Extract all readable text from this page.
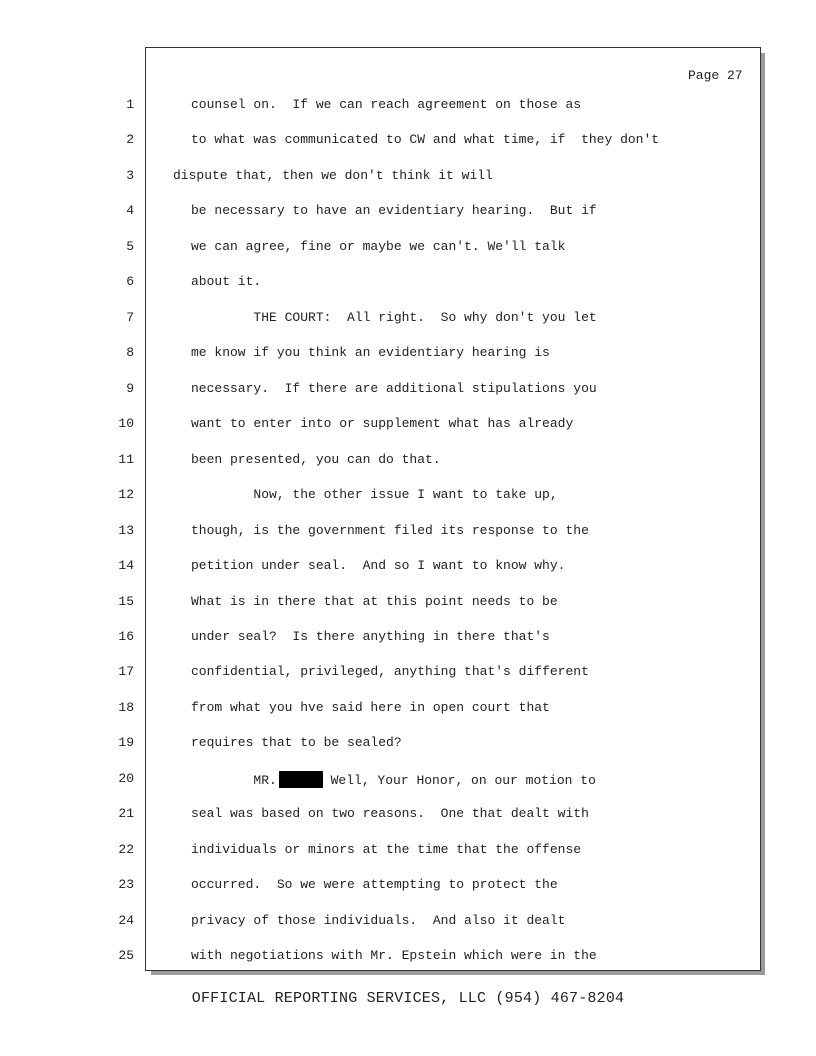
Page 27
1
2
3
4
5
6
7
8
9
10
11
12
13
14
15
16
17
18
19
20
21
22
23
24
25
counsel on.  If we can reach agreement on those as
to what was communicated to CW and what time, if  they don't
dispute that, then we don't think it will
be necessary to have an evidentiary hearing.  But if
we can agree, fine or maybe we can't. We'll talk
about it.
THE COURT:  All right.  So why don't you let
me know if you think an evidentiary hearing is
necessary.  If there are additional stipulations you
want to enter into or supplement what has already
been presented, you can do that.
Now, the other issue I want to take up,
though, is the government filed its response to the
petition under seal.  And so I want to know why.
What is in there that at this point needs to be
under seal?  Is there anything in there that's
confidential, privileged, anything that's different
from what you hve said here in open court that
requires that to be sealed?
MR.	Well, Your Honor, on our motion to
seal was based on two reasons.  One that dealt with
individuals or minors at the time that the offense
occurred.  So we were attempting to protect the
privacy of those individuals.  And also it dealt
with negotiations with Mr. Epstein which were in the
OFFICIAL REPORTING SERVICES, LLC (954) 467-8204
